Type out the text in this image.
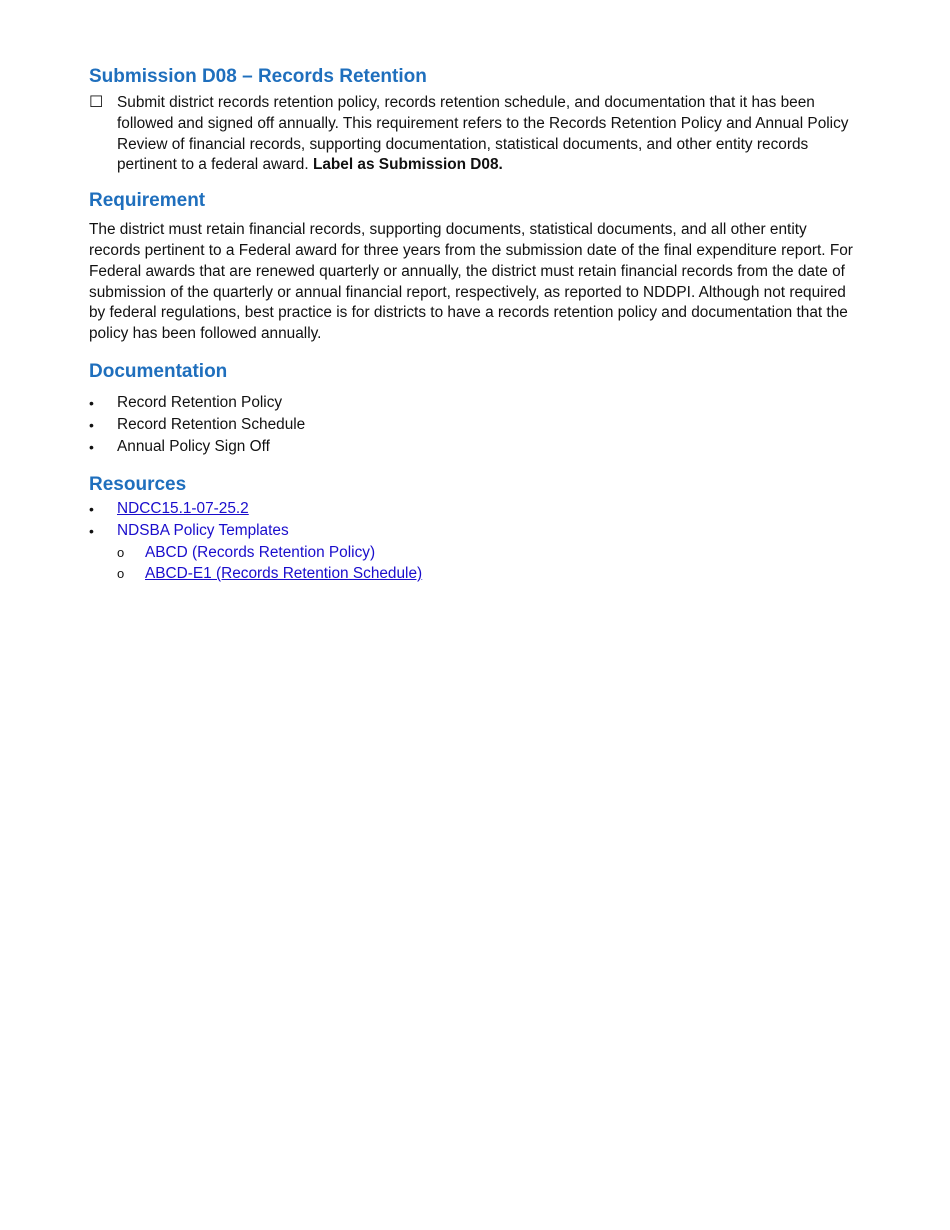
Submission D08 – Records Retention
☐ Submit district records retention policy, records retention schedule, and documentation that it has been followed and signed off annually. This requirement refers to the Records Retention Policy and Annual Policy Review of financial records, supporting documentation, statistical documents, and other entity records pertinent to a federal award. Label as Submission D08.
Requirement

The district must retain financial records, supporting documents, statistical documents, and all other entity records pertinent to a Federal award for three years from the submission date of the final expenditure report. For Federal awards that are renewed quarterly or annually, the district must retain financial records from the date of submission of the quarterly or annual financial report, respectively, as reported to NDDPI. Although not required by federal regulations, best practice is for districts to have a records retention policy and documentation that the policy has been followed annually.

Documentation
•	Record Retention Policy
•	Record Retention Schedule
•	Annual Policy Sign Off
Resources
•	NDCC15.1-07-25.2
•	NDSBA Policy Templates
o	ABCD (Records Retention Policy)
o	ABCD-E1 (Records Retention Schedule)
